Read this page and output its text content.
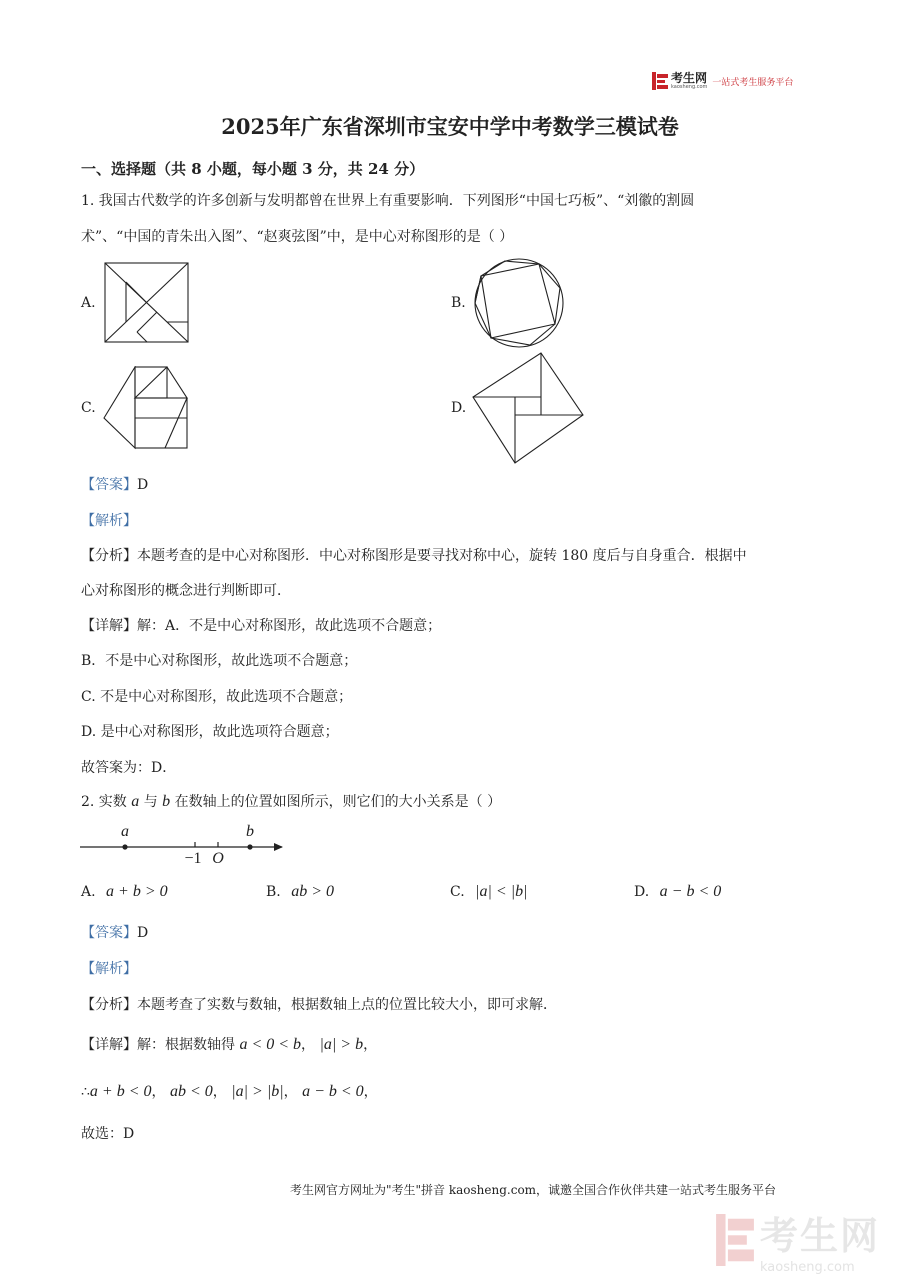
考生网
kaosheng.com 一站式考生服务平台
2025年广东省深圳市宝安中学中考数学三模试卷
一、选择题（共 8 小题，每小题 3 分，共 24 分）
1. 我国古代数学的许多创新与发明都曾在世界上有重要影响．下列图形“中国七巧板”、“刘徽的割圆
术”、“中国的青朱出入图”、“赵爽弦图”中，是中心对称图形的是（ ）
A.	B.
C.	D.
【答案】D
【解析】
【分析】本题考查的是中心对称图形．中心对称图形是要寻找对称中心，旋转 180 度后与自身重合．根据中
心对称图形的概念进行判断即可．
【详解】解：A．不是中心对称图形，故此选项不合题意；
B．不是中心对称图形，故此选项不合题意；
C. 不是中心对称图形，故此选项不合题意；
D. 是中心对称图形，故此选项符合题意；
故答案为：D．
2. 实数 a 与 b 在数轴上的位置如图所示，则它们的大小关系是（ ）
a	b
−1 O
A. a + b > 0	B. ab > 0	C. |a| < |b|	D. a − b < 0
【答案】D
【解析】
【分析】本题考查了实数与数轴，根据数轴上点的位置比较大小，即可求解．
【详解】解：根据数轴得 a < 0 < b， |a| > b，
∴a + b < 0， ab < 0， |a| > |b|， a − b < 0，
故选：D
考生网官方网址为"考生"拼音 kaosheng.com，诚邀全国合作伙伴共建一站式考生服务平台
考生网
kaosheng.com
